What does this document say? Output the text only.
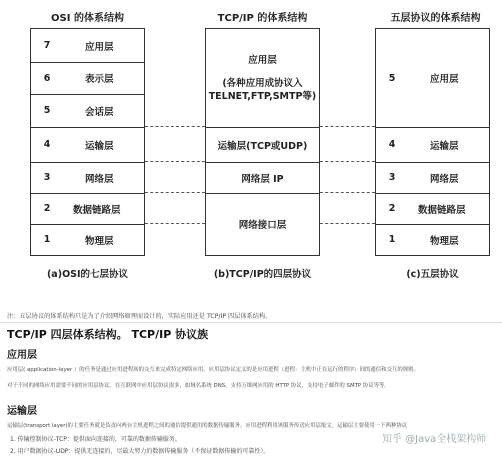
OSI 的体系结构	TCP/IP 的体系结构	五层协议的体系结构
7	应用层
6	表示层
5	会话层
4	运输层
3	网络层
2	数据链路层
1	物理层
应用层
(各种应用成协议入
TELNET,FTP,SMTP等)
运输层(TCP或UDP)
网络层 IP
网络接口层
5	应用层
4	运输层
3	网络层
2	数据链路层
1	物理层
(a)OSI的七层协议	(b)TCP/IP的四层协议	(c)五层协议
注：五层协议的体系结构只是为了介绍网络原理而设计的，实际应用还是 TCP/IP 四层体系结构。
TCP/IP 四层体系结构。 TCP/IP 协议族
应用层
应用层( application-layer ）的任务是通过应用进程间的交互来完成特定网络应用。应用层协议定义的是应用进程（进程：主机中正在运行的程序）间的通信和交互的规则。
对于不同的网络应用需要不同的应用层协议。在互联网中应用层协议很多，如域名系统 DNS，支持万维网应用的 HTTP 协议，支持电子邮件的 SMTP 协议等等。
运输层
运输层(transport layer)的主要任务就是负责向两台主机进程之间的通信提供通用的数据传输服务。应用进程利用该服务传送应用层报文。运输层主要使用一下两种协议
1. 传输控制协议-TCP：提供面向连接的，可靠的数据传输服务。
2. 用户数据协议-UDP：提供无连接的，尽最大努力的数据传输服务（不保证数据传输的可靠性）。
知乎 @Java全栈架构师
